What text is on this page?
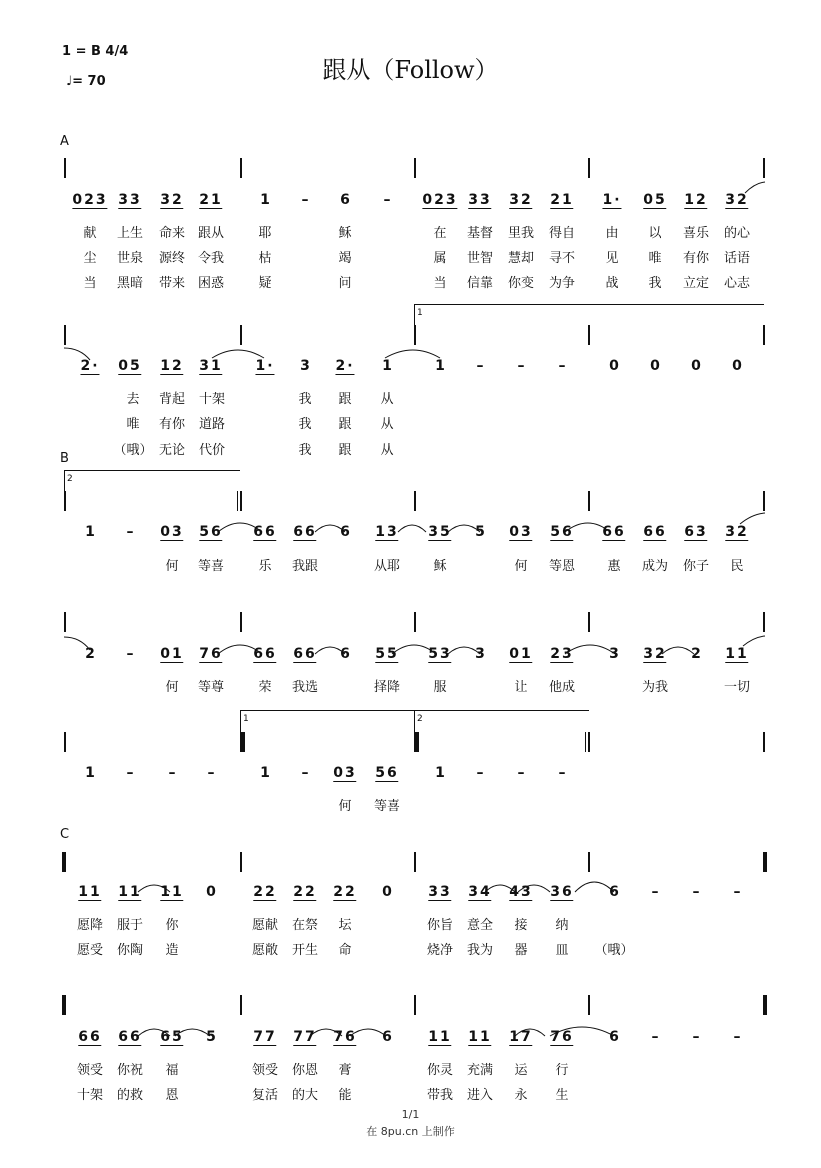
1 = B 4/4
♩= 70	跟从（Follow）
A
B
C
023 33 32 21	1 – 6 – 023 33 32 21 1· 05 12 32
献 上生 命来 跟从	耶	稣	在 基督 里我 得自 由 以 喜乐 的心
尘 世泉 源终 令我	枯	竭	属 世智 慧却 寻不 见 唯 有你 话语
当 黑暗 带来 困惑	疑	问	当 信靠 你变 为争 战 我 立定 心志
2· 05 12 31 1· 3 2· 1	1 – – –	0 0 0 0
去 背起 十架	我 跟 从
唯 有你 道路	我 跟 从
（哦） 无论 代价	我 跟 从
1 – 03 56 66 66 6 13 35 5 03 56 66 66 63 32
何 等喜	乐 我跟	从耶	稣	何 等恩 惠 成为 你子 民
2 – 01 76 66 66 6 55 53 3 01 23	3 32 2 11
何 等尊	荣 我选	择降	服	让 他成	为我	一切
1 –	– –	1 – 03 56	1 – – –
何 等喜
11 11 11 0	22 22 22 0	33 34 43 36	6 – – –
愿降 服于 你	愿献 在祭 坛	你旨 意全 接 纳
愿受 你陶 造	愿敞 开生 命	烧净 我为 器 皿 （哦）
66 66 65 5	77 77 76 6	11 11 17 76	6 – – –
领受 你祝 福	领受 你恩 膏	你灵 充满 运 行
十架 的救 恩	复活 的大 能	带我 进入 永 生
1
2
1	2
1/1
在 8pu.cn 上制作
